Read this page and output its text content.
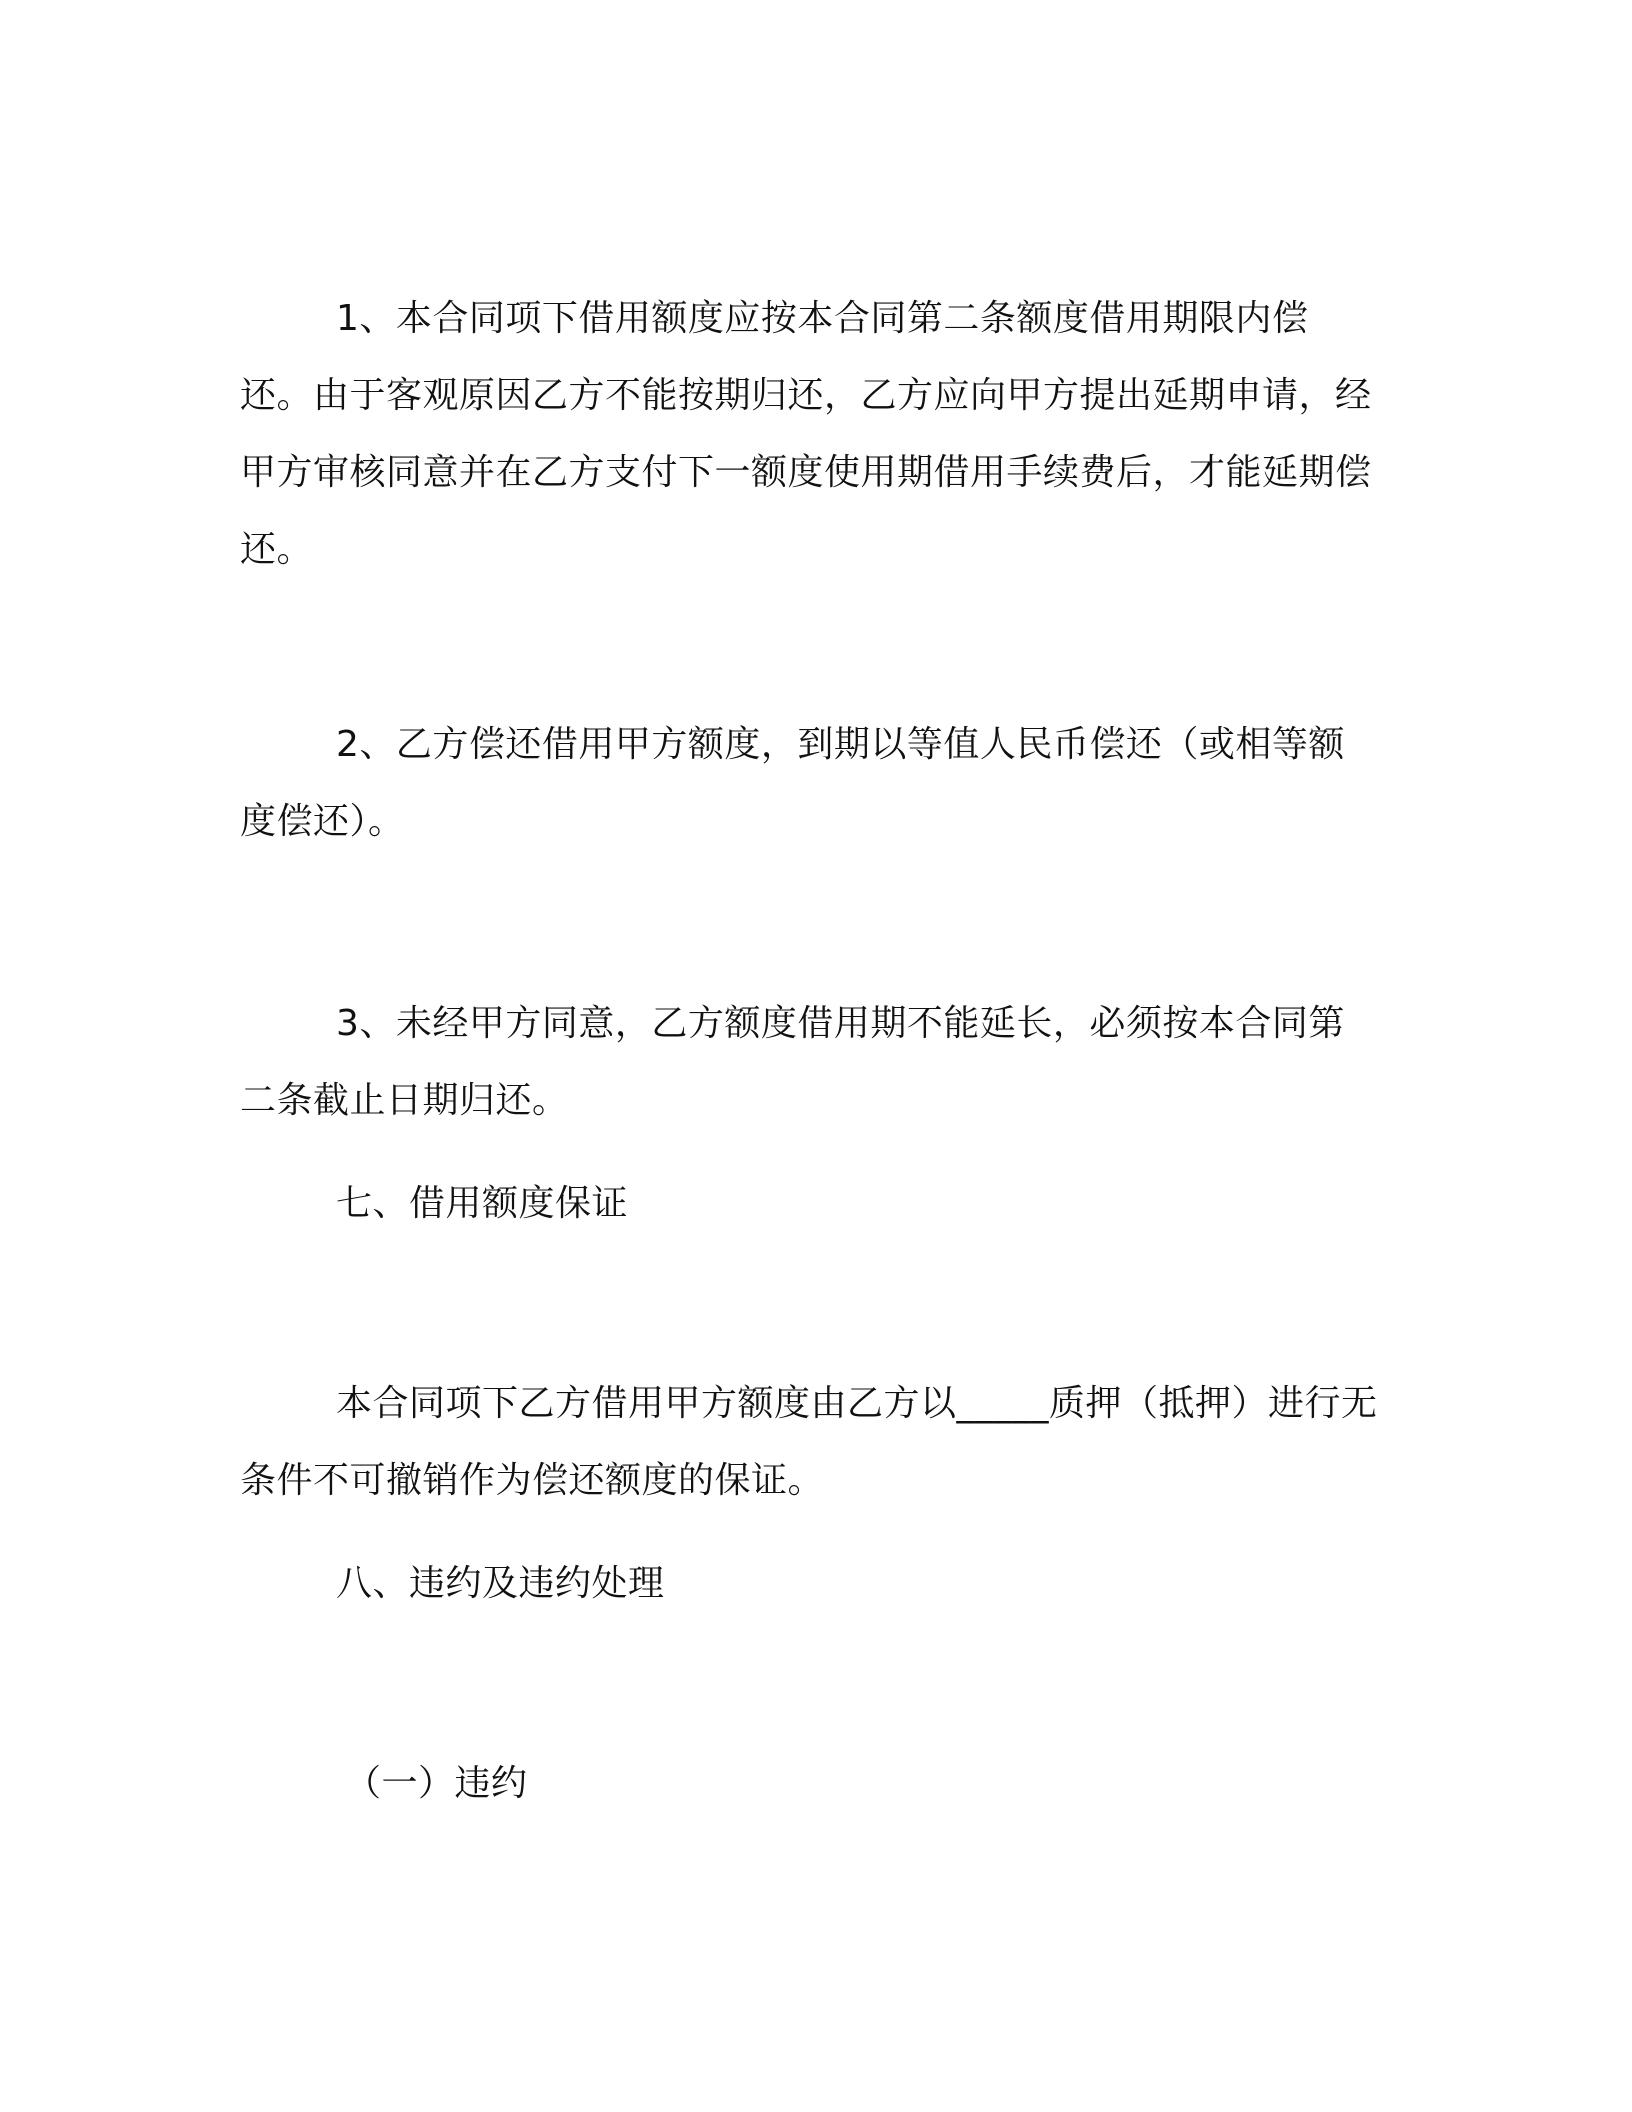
1、本合同项下借用额度应按本合同第二条额度借用期限内偿还。由于客观原因乙方不能按期归还，乙方应向甲方提出延期申请，经甲方审核同意并在乙方支付下一额度使用期借用手续费后，才能延期偿还。

2、乙方偿还借用甲方额度，到期以等值人民币偿还（或相等额度偿还）。

3、未经甲方同意，乙方额度借用期不能延长，必须按本合同第二条截止日期归还。

七、借用额度保证

本合同项下乙方借用甲方额度由乙方以_____质押（抵押）进行无条件不可撤销作为偿还额度的保证。

八、违约及违约处理

（一）违约
